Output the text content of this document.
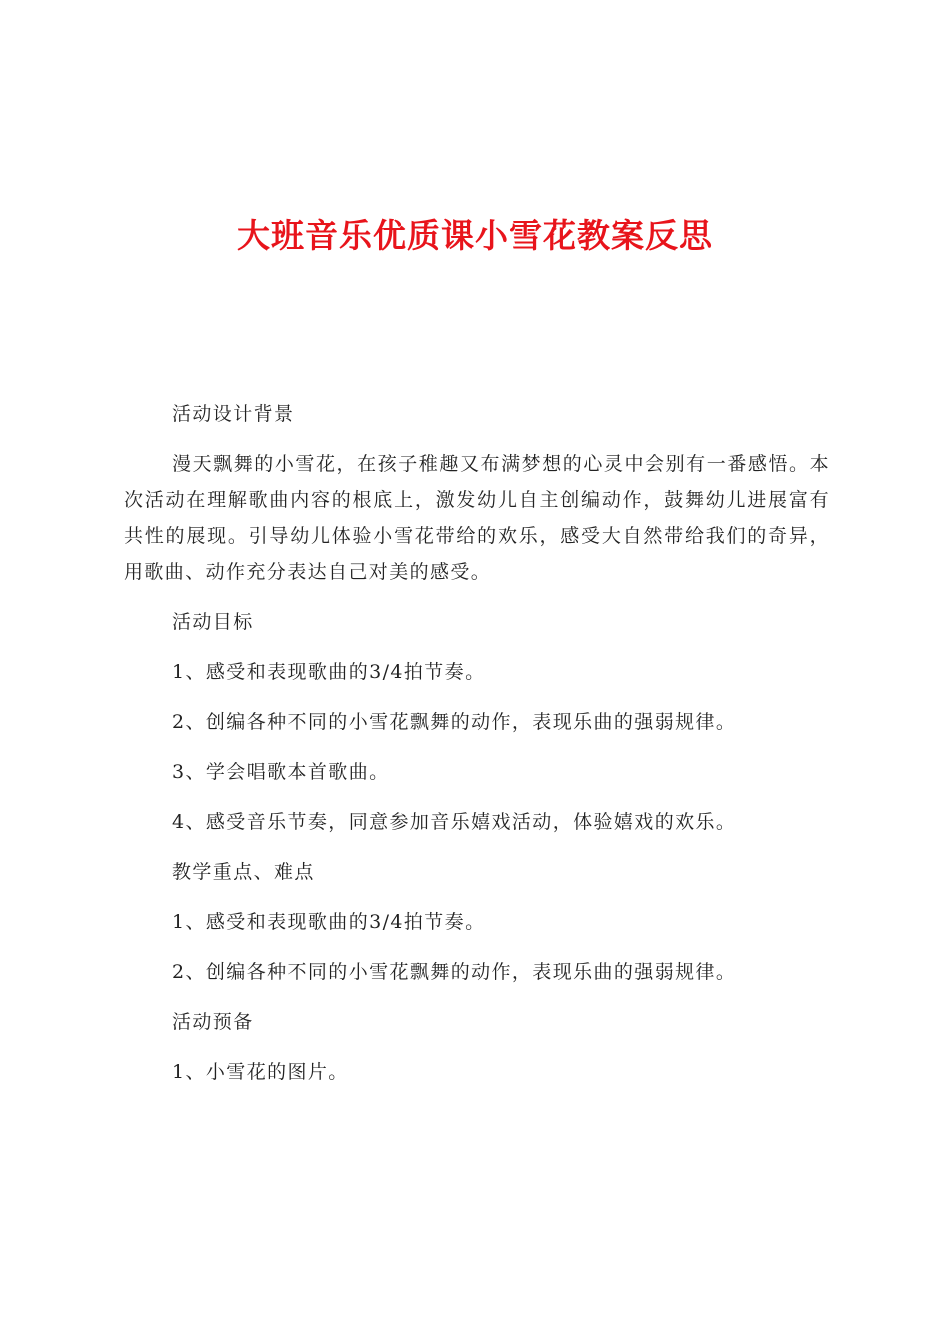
大班音乐优质课小雪花教案反思

活动设计背景

漫天飘舞的小雪花，在孩子稚趣又布满梦想的心灵中会别有一番感悟。本次活动在理解歌曲内容的根底上，激发幼儿自主创编动作，鼓舞幼儿进展富有共性的展现。引导幼儿体验小雪花带给的欢乐，感受大自然带给我们的奇异，用歌曲、动作充分表达自己对美的感受。

活动目标

1、感受和表现歌曲的3/4拍节奏。

2、创编各种不同的小雪花飘舞的动作，表现乐曲的强弱规律。

3、学会唱歌本首歌曲。

4、感受音乐节奏，同意参加音乐嬉戏活动，体验嬉戏的欢乐。

教学重点、难点

1、感受和表现歌曲的3/4拍节奏。

2、创编各种不同的小雪花飘舞的动作，表现乐曲的强弱规律。

活动预备

1、小雪花的图片。
